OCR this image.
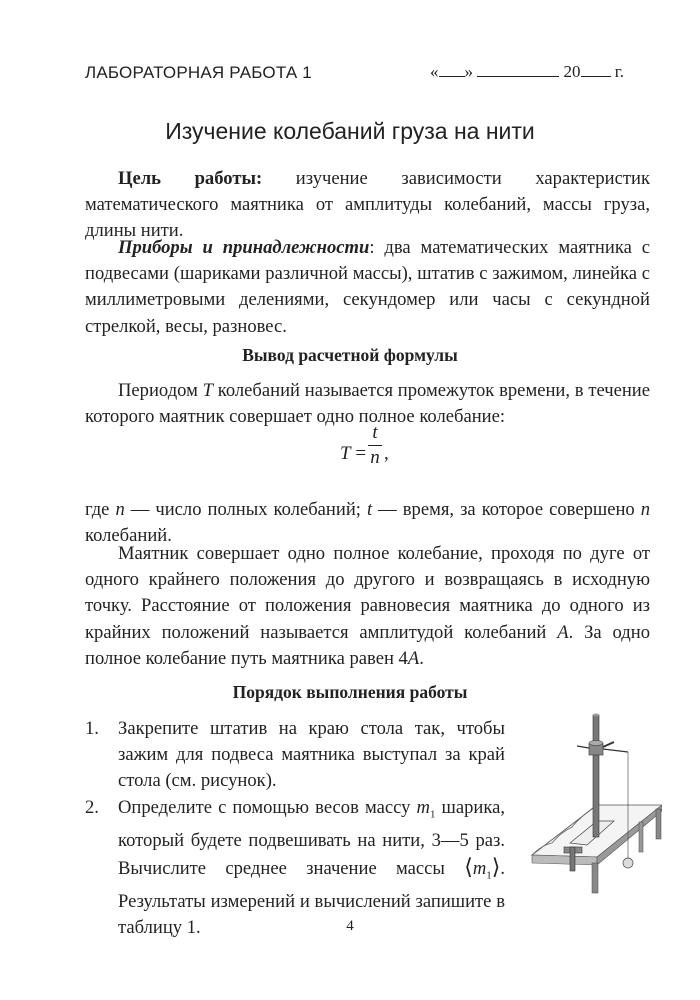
ЛАБОРАТОРНАЯ РАБОТА 1	« »	20 г.
Изучение колебаний груза на нити
Цель работы: изучение зависимости характеристик математического маятника от амплитуды колебаний, массы груза, длины нити.
Приборы и принадлежности: два математических маятника с подвесами (шариками различной массы), штатив с зажимом, линейка с миллиметровыми делениями, секундомер или часы с секундной стрелкой, весы, разновес.
Вывод расчетной формулы
Периодом T колебаний называется промежуток времени, в течение которого маятник совершает одно полное колебание:
T =
t
n ,
где n — число полных колебаний; t — время, за которое совершено n колебаний.
Маятник совершает одно полное колебание, проходя по дуге от одного крайнего положения до другого и возвращаясь в исходную точку. Расстояние от положения равновесия маятника до одного из крайних положений называется амплитудой колебаний A. За одно полное колебание путь маятника равен 4A.
Порядок выполнения работы
1. Закрепите штатив на краю стола так, чтобы зажим для подвеса маятника выступал за край стола (см. рисунок).
2. Определите с помощью весов массу $m_1$ шарика, который будете подвешивать на нити, 3—5 раз. Вычислите среднее значение массы $⟨m_1⟩$. Результаты измерений и вычислений запишите в таблицу 1.	4
